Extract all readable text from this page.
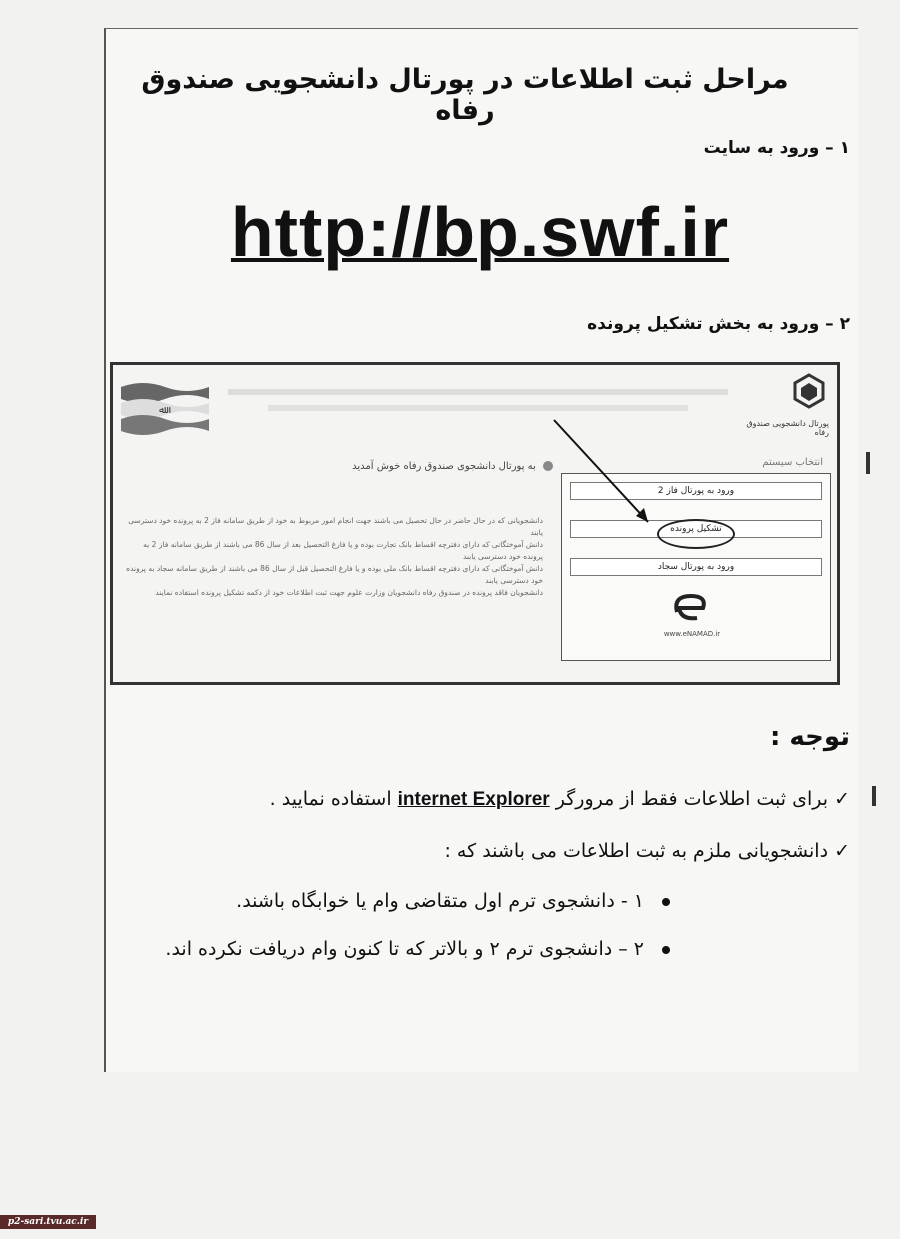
مراحل ثبت اطلاعات در پورتال دانشجویی صندوق رفاه
۱ – ورود به سایت
http://bp.swf.ir
۲ – ورود به بخش تشکیل پرونده
ﷲ
پورتال دانشجویی صندوق رفاه
به پورتال دانشجوی صندوق رفاه خوش آمدید
دانشجویانی که در حال حاضر در حال تحصیل می باشند جهت انجام امور مربوط به خود از طریق سامانه فاز 2 به پرونده خود دسترسی یابند
دانش آموختگانی که دارای دفترچه اقساط بانک تجارت بوده و یا فارغ التحصیل بعد از سال 86 می باشند از طریق سامانه فاز 2 به پرونده خود دسترسی یابند
دانش آموختگانی که دارای دفترچه اقساط بانک ملی بوده و یا فارغ التحصیل قبل از سال 86 می باشند از طریق سامانه سجاد به پرونده خود دسترسی یابند
دانشجویان فاقد پرونده در صندوق رفاه دانشجویان وزارت علوم جهت ثبت اطلاعات خود از دکمه تشکیل پرونده استفاده نمایند
انتخاب سیستم
ورود به پورتال فاز 2
تشکیل پرونده
ورود به پورتال سجاد
www.eNAMAD.ir
توجه :
✓ برای ثبت اطلاعات فقط از مرورگر internet Explorer استفاده نمایید .
✓ دانشجویانی ملزم به ثبت اطلاعات می باشند که :
۱ - دانشجوی ترم اول متقاضی وام یا خوابگاه باشند.
۲ – دانشجوی ترم ۲ و بالاتر که تا کنون وام دریافت نکرده اند.
p2-sari.tvu.ac.ir
